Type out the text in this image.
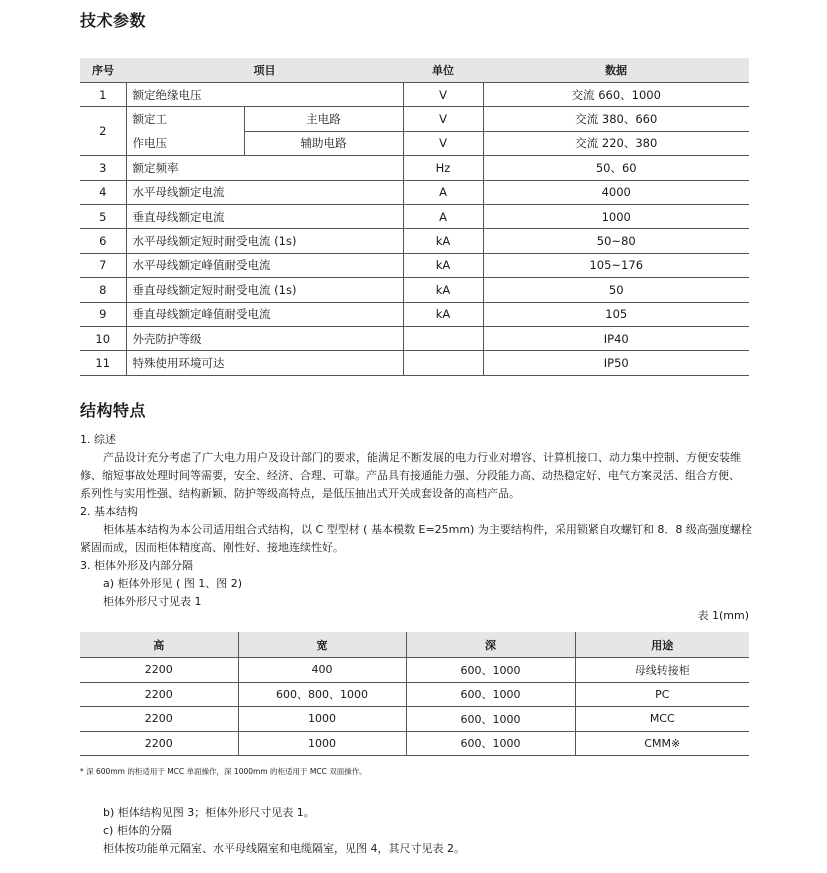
技术参数
序号	项目		单位	数据
1	额定绝缘电压		V	交流 660、1000
2	额定工	主电路	V	交流 380、660
	作电压	辅助电路	V	交流 220、380
3	额定频率		Hz	50、60
4	水平母线额定电流		A	4000
5	垂直母线额定电流		A	1000
6	水平母线额定短时耐受电流 (1s)		kA	50~80
7	水平母线额定峰值耐受电流		kA	105~176
8	垂直母线额定短时耐受电流 (1s)		kA	50
9	垂直母线额定峰值耐受电流		kA	105
10	外壳防护等级			IP40
11	特殊使用环境可达			IP50
结构特点
1. 综述
产品设计充分考虑了广大电力用户及设计部门的要求，能满足不断发展的电力行业对增容、计算机接口、动力集中控制、方便安装维
修、缩短事故处理时间等需要，安全、经济、合理、可靠。产品具有接通能力强、分段能力高、动热稳定好、电气方案灵活、组合方便、
系列性与实用性强、结构新颖、防护等级高特点，是低压抽出式开关成套设备的高档产品。
2. 基本结构
柜体基本结构为本公司适用组合式结构，以 C 型型材 ( 基本模数 E=25mm) 为主要结构件，采用锁紧自攻螺钉和 8．8 级高强度螺栓
紧固而成，因而柜体精度高、刚性好、接地连续性好。
3. 柜体外形及内部分隔
a) 柜体外形见 ( 图 1、图 2)
柜体外形尺寸见表 1
表 1(mm)
高	宽	深	用途
2200	400	600、1000	母线转接柜
2200	600、800、1000	600、1000	PC
2200	1000	600、1000	MCC
2200	1000	600、1000	CMM※
* 深 600mm 的柜适用于 MCC 单面操作，深 1000mm 的柜适用于 MCC 双面操作。
b) 柜体结构见图 3；柜体外形尺寸见表 1。
c) 柜体的分隔
柜体按功能单元隔室、水平母线隔室和电缆隔室，见图 4，其尺寸见表 2。
